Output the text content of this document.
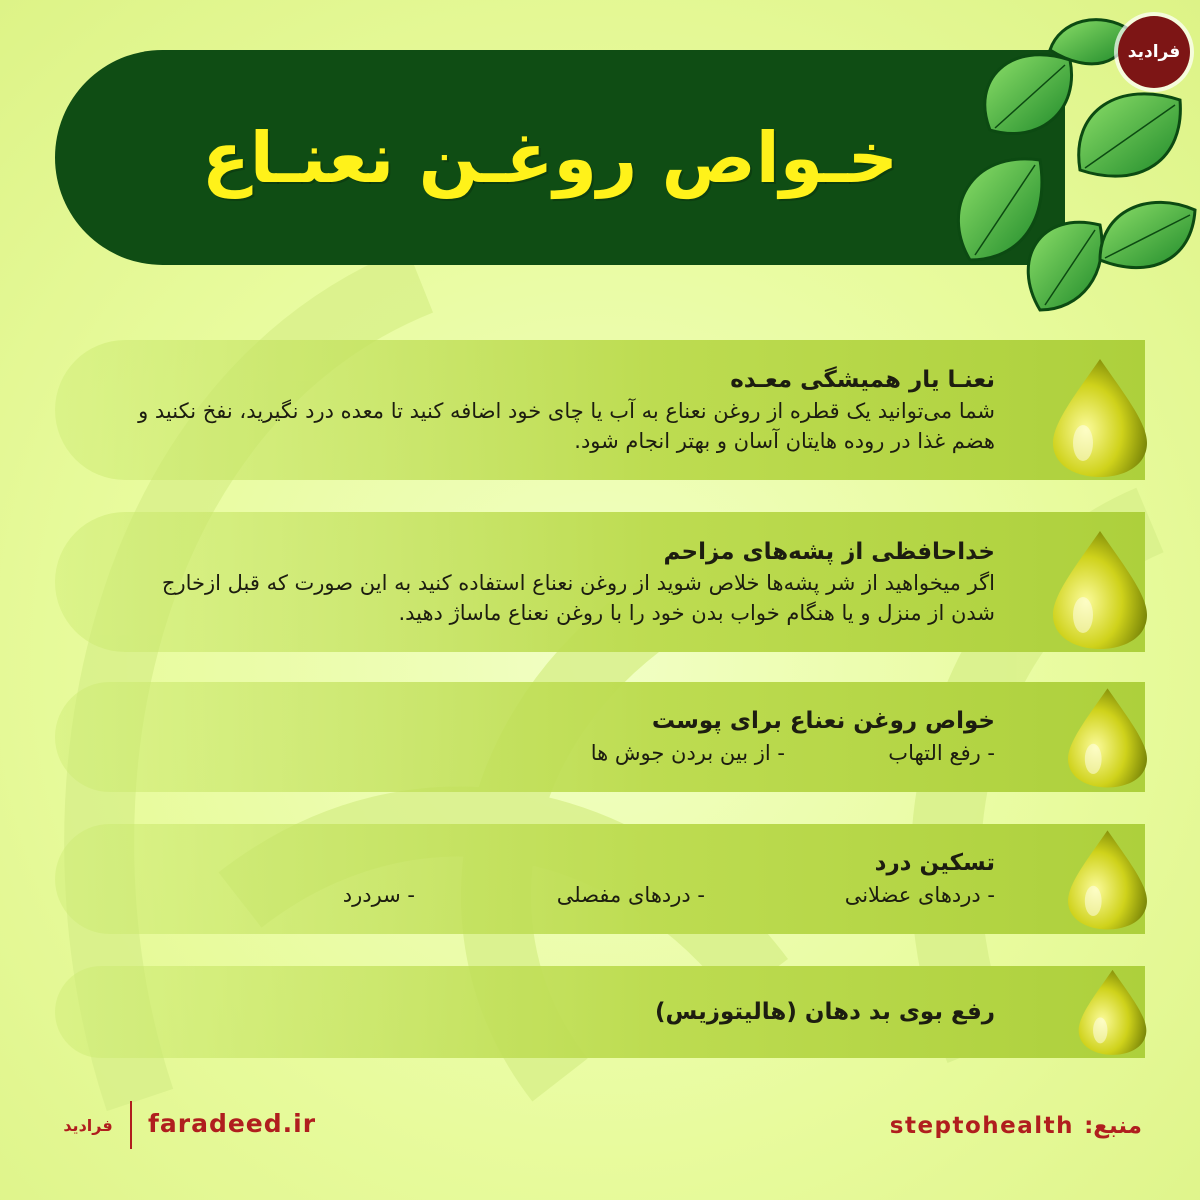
خـواص روغـن نعنـاع
فرادید
نعنـا یار همیشگی معـده
شما می‌توانید یک قطره از روغن نعناع به آب یا چای خود اضافه کنید تا معده درد نگیرید، نفخ نکنید و هضم غذا در روده هایتان آسان و بهتر انجام شود.
خداحافظی از پشه‌های مزاحم
اگر میخواهید از شر پشه‌ها خلاص شوید از روغن نعناع استفاده کنید به این صورت که قبل ازخارج شدن از منزل و یا هنگام خواب بدن خود را با روغن نعناع ماساژ دهید.
خواص روغن نعناع برای پوست
- رفع التهاب
- از بین بردن جوش ها
تسکین درد
- دردهای عضلانی
- دردهای مفصلی
- سردرد
رفع بوی بد دهان (هالیتوزیس)
فرادید faradeed.ir	منبع:
steptohealth
